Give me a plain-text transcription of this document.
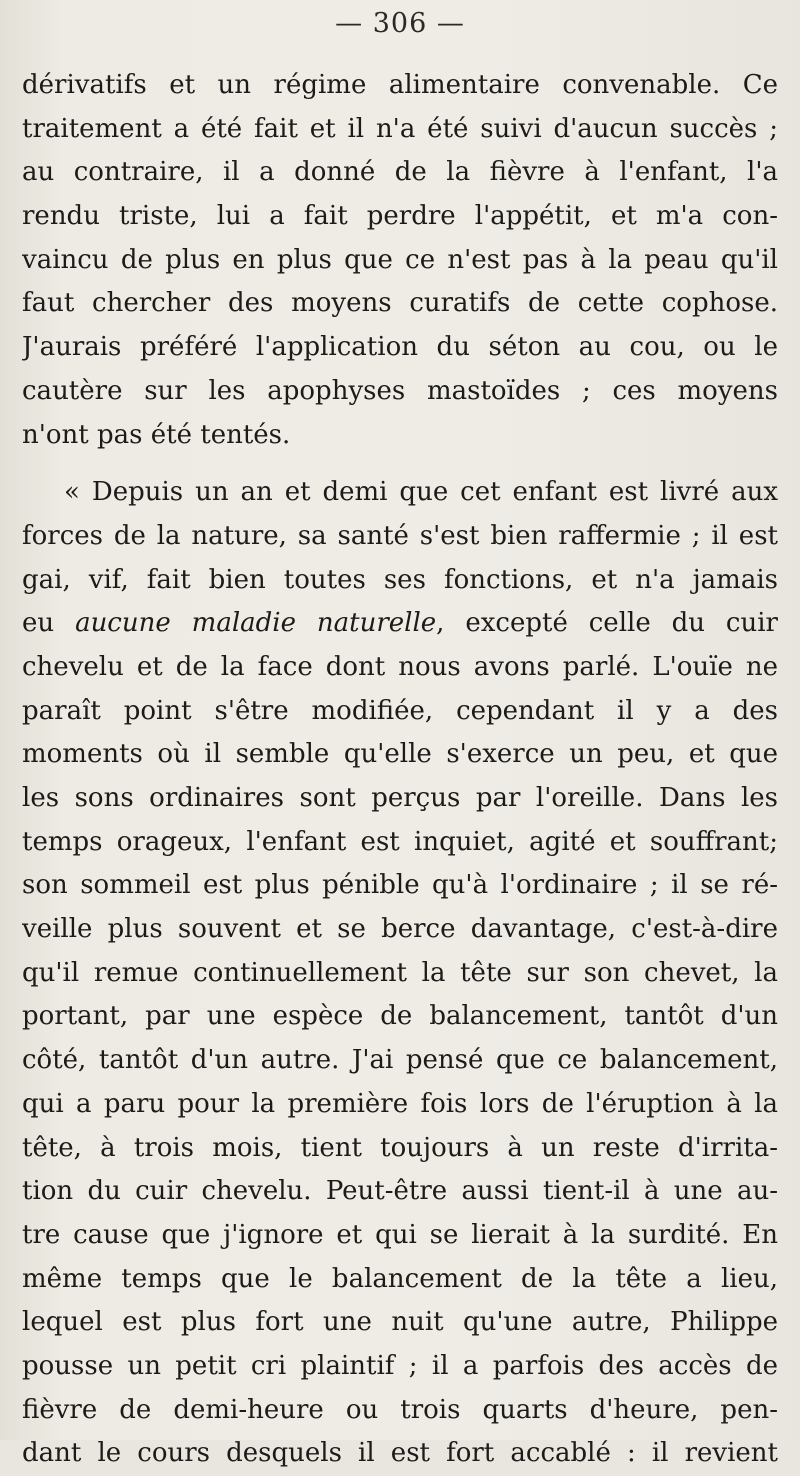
— 306 —
dérivatifs et un régime alimentaire convenable. Ce
traitement a été fait et il n'a été suivi d'aucun succès ;
au contraire, il a donné de la fièvre à l'enfant, l'a
rendu triste, lui a fait perdre l'appétit, et m'a con-
vaincu de plus en plus que ce n'est pas à la peau qu'il
faut chercher des moyens curatifs de cette cophose.
J'aurais préféré l'application du séton au cou, ou le
cautère sur les apophyses mastoïdes ; ces moyens
n'ont pas été tentés.
« Depuis un an et demi que cet enfant est livré aux
forces de la nature, sa santé s'est bien raffermie ; il est
gai, vif, fait bien toutes ses fonctions, et n'a jamais
eu aucune maladie naturelle, excepté celle du cuir
chevelu et de la face dont nous avons parlé. L'ouïe ne
paraît point s'être modifiée, cependant il y a des
moments où il semble qu'elle s'exerce un peu, et que
les sons ordinaires sont perçus par l'oreille. Dans les
temps orageux, l'enfant est inquiet, agité et souffrant;
son sommeil est plus pénible qu'à l'ordinaire ; il se ré-
veille plus souvent et se berce davantage, c'est-à-dire
qu'il remue continuellement la tête sur son chevet, la
portant, par une espèce de balancement, tantôt d'un
côté, tantôt d'un autre. J'ai pensé que ce balancement,
qui a paru pour la première fois lors de l'éruption à la
tête, à trois mois, tient toujours à un reste d'irrita-
tion du cuir chevelu. Peut-être aussi tient-il à une au-
tre cause que j'ignore et qui se lierait à la surdité. En
même temps que le balancement de la tête a lieu,
lequel est plus fort une nuit qu'une autre, Philippe
pousse un petit cri plaintif ; il a parfois des accès de
fièvre de demi-heure ou trois quarts d'heure, pen-
dant le cours desquels il est fort accablé : il revient
